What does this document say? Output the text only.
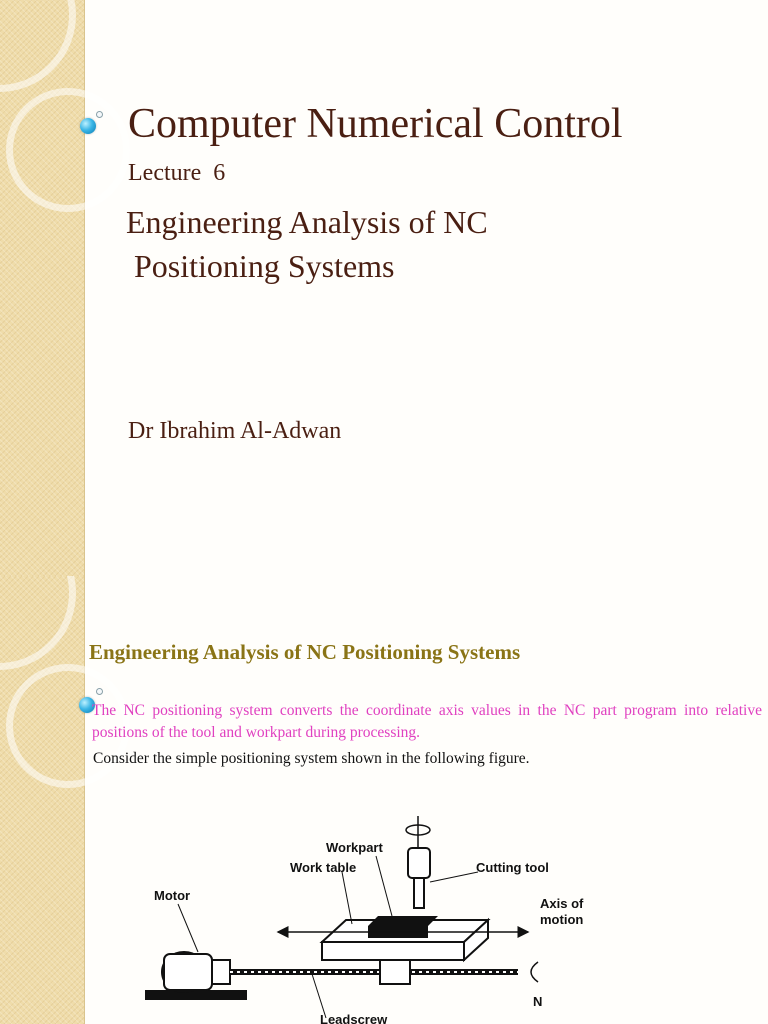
Computer Numerical Control
Lecture  6
Engineering Analysis of NC
Positioning Systems
Dr Ibrahim Al-Adwan
Engineering Analysis of NC Positioning Systems

The NC positioning system converts the coordinate axis values in the NC part program into relative positions of the tool and workpart during processing.

Consider the simple positioning system shown in the following figure.

Workpart
Work table	Cutting tool
Motor
Axis of
motion
N
Leadscrew
